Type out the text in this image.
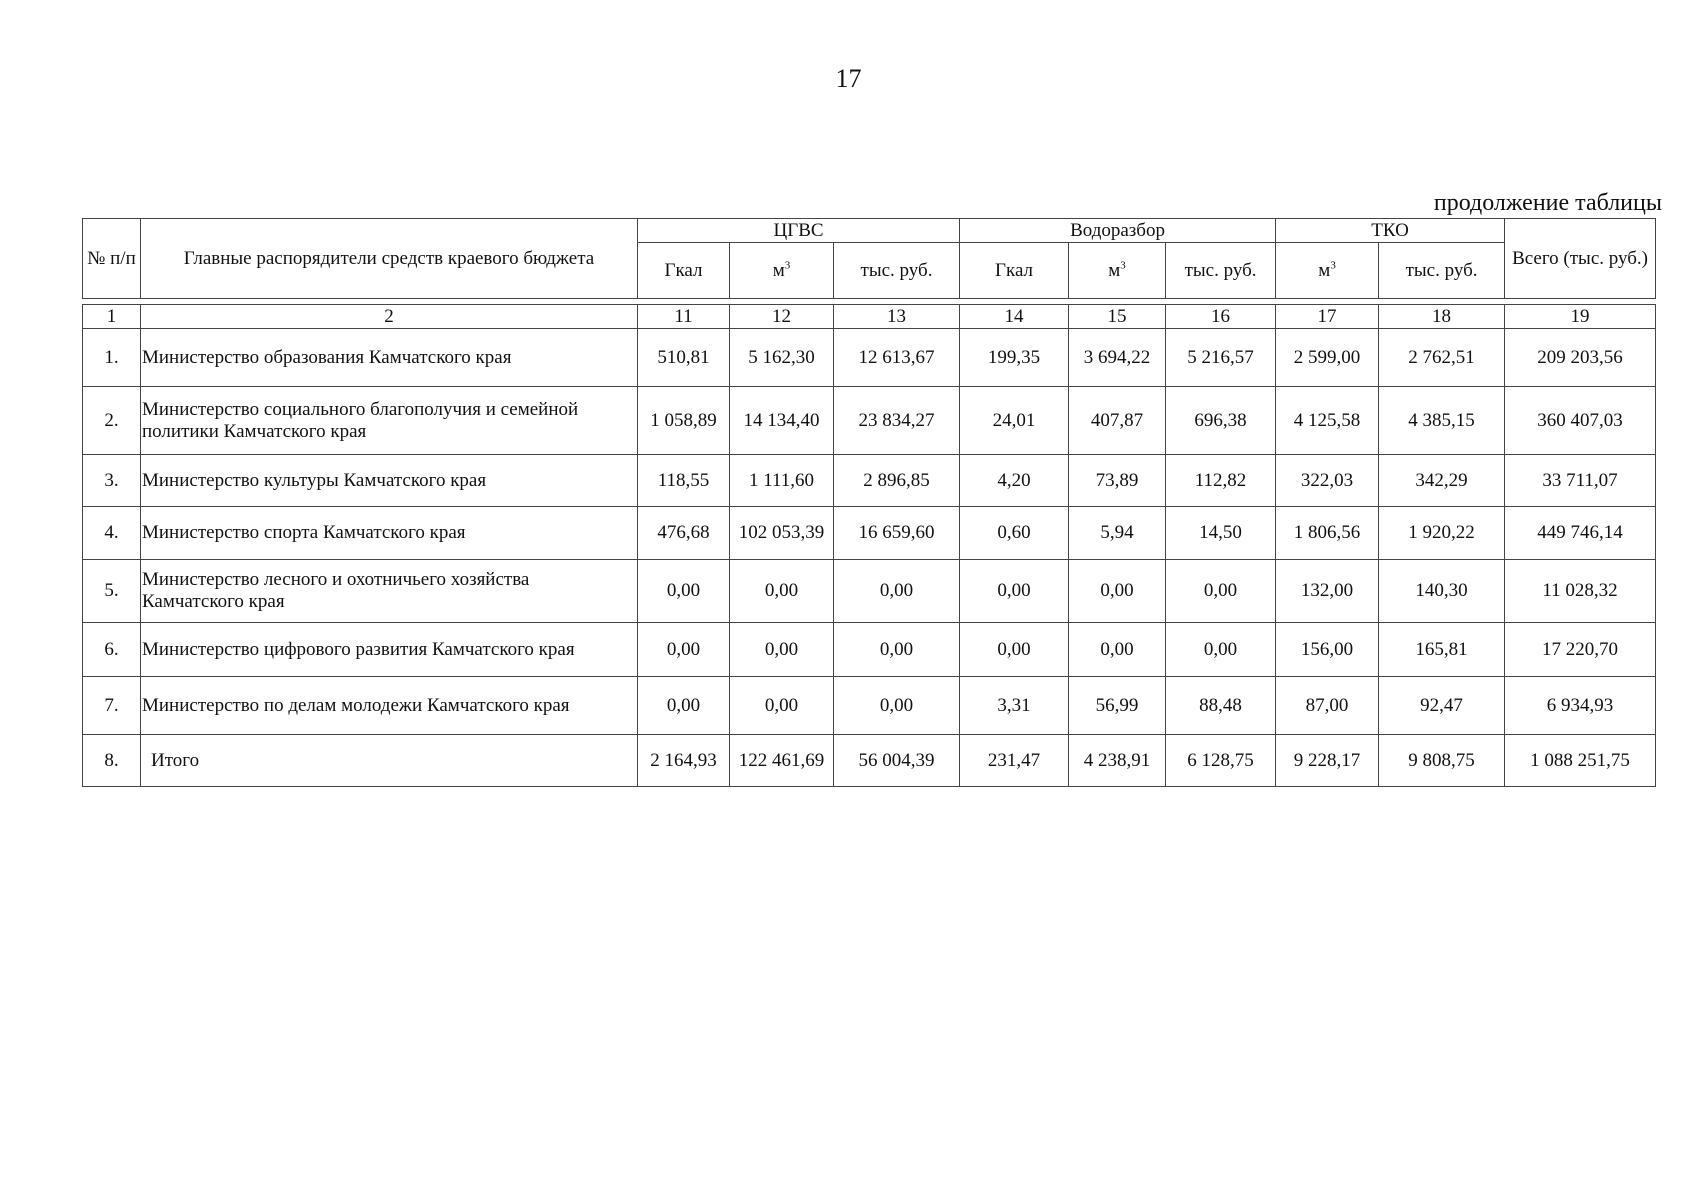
17
продолжение таблицы
№ п/п	Главные распорядители средств краевого бюджета	ЦГВС			Водоразбор			ТКО		Всего (тыс. руб.)
		Гкал	$м^3$	тыс. руб.	Гкал	$м^3$	тыс. руб.	$м^3$	тыс. руб.	
1	2	11	12	13	14	15	16	17	18	19
1.	Министерство образования Камчатского края	510,81	5 162,30	12 613,67	199,35	3 694,22	5 216,57	2 599,00	2 762,51	209 203,56
2.	Министерство социального благополучия и семейной политики Камчатского края	1 058,89	14 134,40	23 834,27	24,01	407,87	696,38	4 125,58	4 385,15	360 407,03
3.	Министерство культуры Камчатского края	118,55	1 111,60	2 896,85	4,20	73,89	112,82	322,03	342,29	33 711,07
4.	Министерство спорта Камчатского края	476,68	102 053,39	16 659,60	0,60	5,94	14,50	1 806,56	1 920,22	449 746,14
5.	Министерство лесного и охотничьего хозяйства Камчатского края	0,00	0,00	0,00	0,00	0,00	0,00	132,00	140,30	11 028,32
6.	Министерство цифрового развития Камчатского края	0,00	0,00	0,00	0,00	0,00	0,00	156,00	165,81	17 220,70
7.	Министерство по делам молодежи Камчатского края	0,00	0,00	0,00	3,31	56,99	88,48	87,00	92,47	6 934,93
8.	Итого	2 164,93	122 461,69	56 004,39	231,47	4 238,91	6 128,75	9 228,17	9 808,75	1 088 251,75
